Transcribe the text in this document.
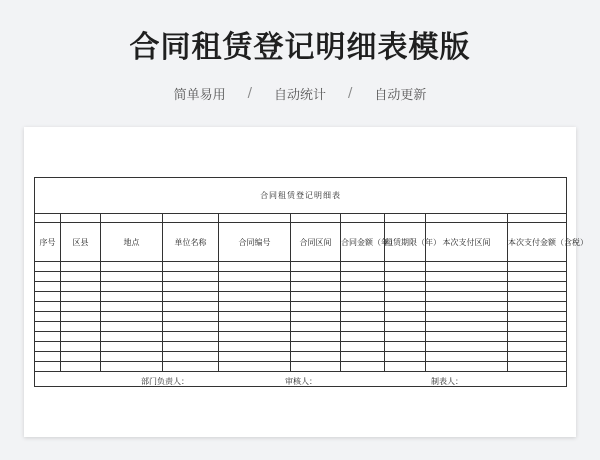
合同租赁登记明细表模版
简单易用 / 自动统计 / 自动更新
合同租赁登记明细表									

序号	区县	地点	单位名称	合同编号	合同区间	合同金额（年）	租赁期限（年）	本次支付区间	本次支付金额（含税）

部门负责人： 审核人： 制表人：									
